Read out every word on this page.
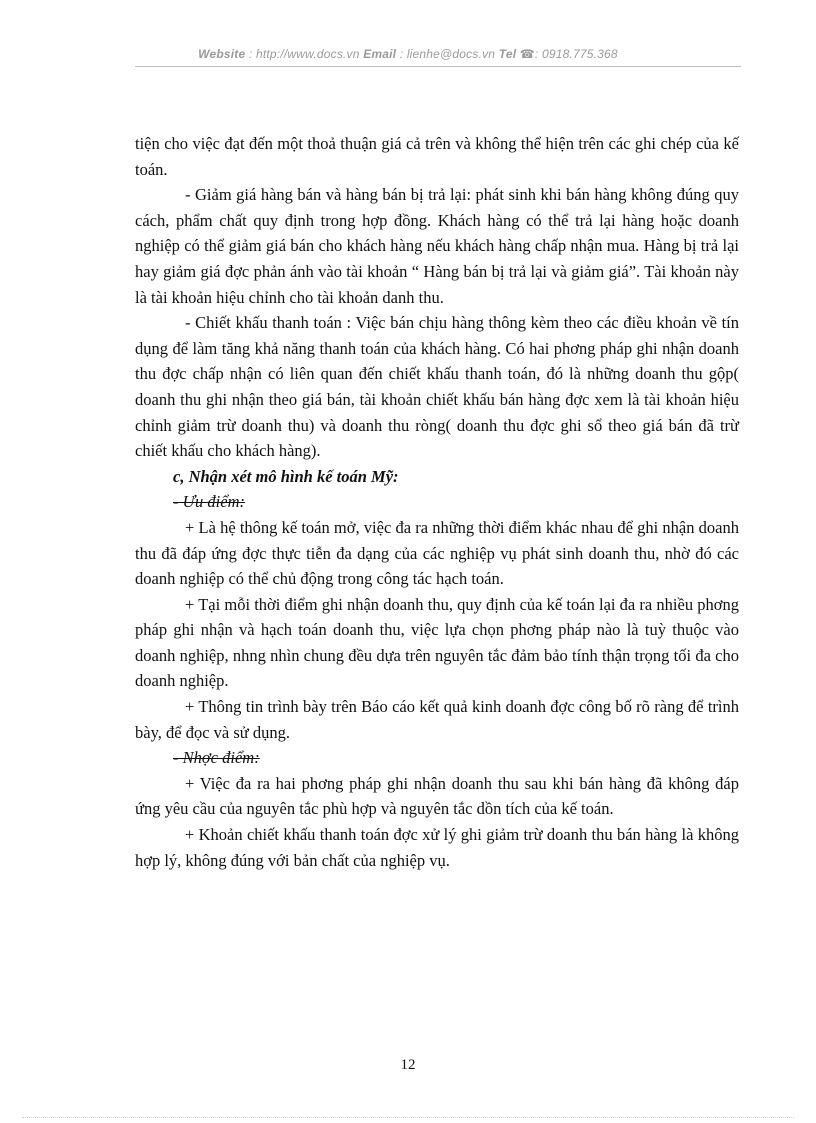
Website : http://www.docs.vn Email : lienhe@docs.vn Tel ☎: 0918.775.368

tiện cho việc đạt đến một thoả thuận giá cả trên và không thể hiện trên các ghi chép của kế toán.

- Giảm giá hàng bán và hàng bán bị trả lại: phát sinh khi bán hàng không đúng quy cách, phẩm chất quy định trong hợp đồng. Khách hàng có thể trả lại hàng hoặc doanh nghiệp có thể giảm giá bán cho khách hàng nếu khách hàng chấp nhận mua. Hàng bị trả lại hay giảm giá đợc phản ánh vào tài khoản “ Hàng bán bị trả lại và giảm giá”. Tài khoản này là tài khoản hiệu chỉnh cho tài khoản danh thu.

- Chiết khấu thanh toán : Việc bán chịu hàng thông kèm theo các điều khoản về tín dụng để làm tăng khả năng thanh toán của khách hàng. Có hai phơng pháp ghi nhận doanh thu đợc chấp nhận có liên quan đến chiết khấu thanh toán, đó là những doanh thu gộp( doanh thu ghi nhận theo giá bán, tài khoản chiết khấu bán hàng đợc xem là tài khoản hiệu chỉnh giảm trừ doanh thu) và doanh thu ròng( doanh thu đợc ghi sổ theo giá bán đã trừ chiết khấu cho khách hàng).

c, Nhận xét mô hình kế toán Mỹ:

- Ưu điểm:

+ Là hệ thông kế toán mở, việc đa ra những thời điểm khác nhau để ghi nhận doanh thu đã đáp ứng đợc thực tiễn đa dạng của các nghiệp vụ phát sinh doanh thu, nhờ đó các doanh nghiệp có thể chủ động trong công tác hạch toán.

+ Tại mỗi thời điểm ghi nhận doanh thu, quy định của kế toán lại đa ra nhiều phơng pháp ghi nhận và hạch toán doanh thu, việc lựa chọn phơng pháp nào là tuỳ thuộc vào doanh nghiệp, nhng nhìn chung đều dựa trên nguyên tắc đảm bảo tính thận trọng tối đa cho doanh nghiệp.

+ Thông tin trình bày trên Báo cáo kết quả kinh doanh đợc công bố rõ ràng để trình bày, để đọc và sử dụng.

- Nhợc điểm:

+ Việc đa ra hai phơng pháp ghi nhận doanh thu sau khi bán hàng đã không đáp ứng yêu cầu của nguyên tắc phù hợp và nguyên tắc dồn tích của kế toán.

+ Khoản chiết khấu thanh toán đợc xử lý ghi giảm trừ doanh thu bán hàng là không hợp lý, không đúng với bản chất của nghiệp vụ.

12
